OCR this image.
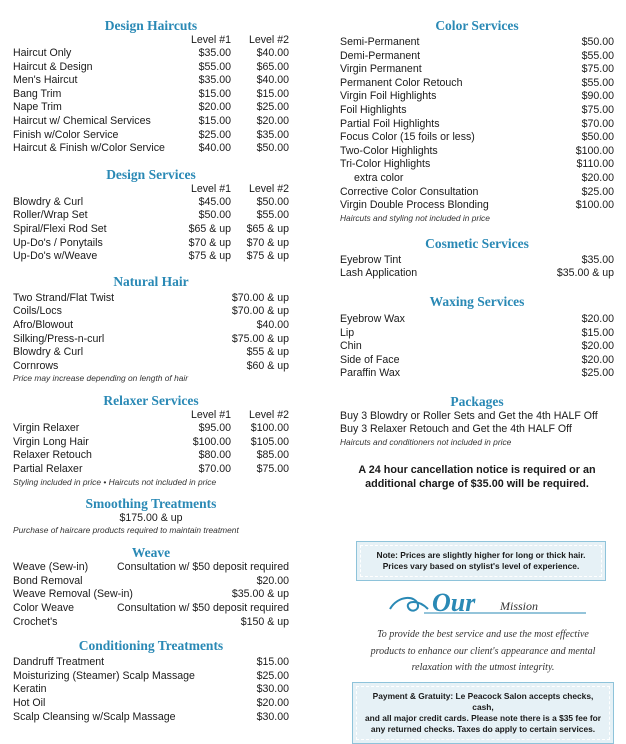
Design Haircuts
Level #1	Level #2
Haircut Only	$35.00	$40.00
Haircut & Design	$55.00	$65.00
Men's Haircut	$35.00	$40.00
Bang Trim	$15.00	$15.00
Nape Trim	$20.00	$25.00
Haircut w/ Chemical Services	$15.00	$20.00
Finish w/Color Service	$25.00	$35.00
Haircut & Finish w/Color Service	$40.00	$50.00
Design Services
Level #1	Level #2
Blowdry & Curl	$45.00	$50.00
Roller/Wrap Set	$50.00	$55.00
Spiral/Flexi Rod Set	$65 & up	$65 & up
Up-Do's / Ponytails	$70 & up	$70 & up
Up-Do's w/Weave	$75 & up	$75 & up
Natural Hair
Two Strand/Flat Twist	$70.00 & up
Coils/Locs	$70.00 & up
Afro/Blowout	$40.00
Silking/Press-n-curl	$75.00 & up
Blowdry & Curl	$55 & up
Cornrows	$60 & up
Price may increase depending on length of hair
Relaxer Services
Level #1	Level #2
Virgin Relaxer	$95.00	$100.00
Virgin Long Hair	$100.00	$105.00
Relaxer Retouch	$80.00	$85.00
Partial Relaxer	$70.00	$75.00
Styling included in price • Haircuts not included in price
Smoothing Treatments
$175.00 & up
Purchase of haircare products required to maintain treatment
Weave
Weave (Sew-in)	Consultation w/ $50 deposit required
Bond Removal	$20.00
Weave Removal (Sew-in)	$35.00 & up
Color Weave	Consultation w/ $50 deposit required
Crochet's	$150 & up
Conditioning Treatments
Dandruff Treatment	$15.00
Moisturizing (Steamer) Scalp Massage	$25.00
Keratin	$30.00
Hot Oil	$20.00
Scalp Cleansing w/Scalp Massage	$30.00
Color Services
Semi-Permanent	$50.00
Demi-Permanent	$55.00
Virgin Permanent	$75.00
Permanent Color Retouch	$55.00
Virgin Foil Highlights	$90.00
Foil Highlights	$75.00
Partial Foil Highlights	$70.00
Focus Color (15 foils or less)	$50.00
Two-Color Highlights	$100.00
Tri-Color Highlights	$110.00
extra color	$20.00
Corrective Color Consultation	$25.00
Virgin Double Process Blonding	$100.00
Haircuts and styling not included in price
Cosmetic Services
Eyebrow Tint	$35.00
Lash Application	$35.00 & up
Waxing Services
Eyebrow Wax	$20.00
Lip	$15.00
Chin	$20.00
Side of Face	$20.00
Paraffin Wax	$25.00
Packages
Buy 3 Blowdry or Roller Sets and Get the 4th HALF Off
Buy 3 Relaxer Retouch and Get the 4th HALF Off
Haircuts and conditioners not included in price
A 24 hour cancellation notice is required or an
additional charge of $35.00 will be required.
Note: Prices are slightly higher for long or thick hair.
Prices vary based on stylist's level of experience.
Our Mission
To provide the best service and use the most effective
products to enhance our client's appearance and mental
relaxation with the utmost integrity.
Payment & Gratuity: Le Peacock Salon accepts checks, cash,
and all major credit cards. Please note there is a $35 fee for
any returned checks. Taxes do apply to certain services.
